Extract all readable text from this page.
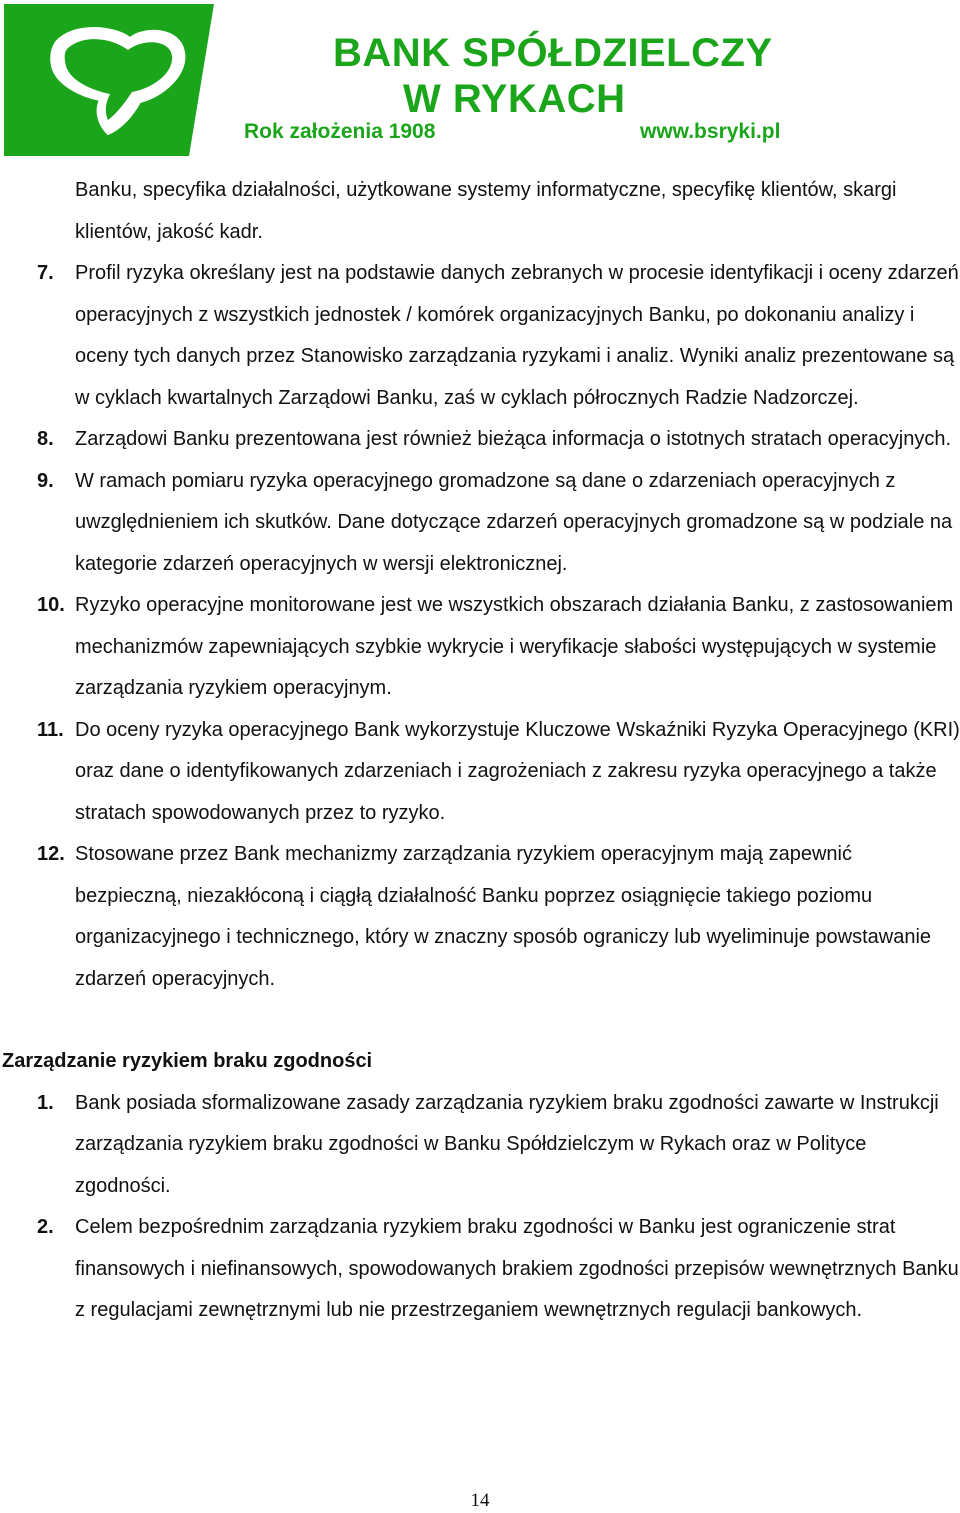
BANK SPÓŁDZIELCZY
W RYKACH
Rok założenia 1908	www.bsryki.pl

Banku, specyfika działalności, użytkowane systemy informatyczne, specyfikę klientów, skargi klientów, jakość kadr.

7. Profil ryzyka określany jest na podstawie danych zebranych w procesie identyfikacji i oceny zdarzeń operacyjnych z wszystkich jednostek / komórek organizacyjnych Banku, po dokonaniu analizy i oceny tych danych przez Stanowisko zarządzania ryzykami i analiz. Wyniki analiz prezentowane są w cyklach kwartalnych Zarządowi Banku, zaś w cyklach półrocznych Radzie Nadzorczej.

8. Zarządowi Banku prezentowana jest również bieżąca informacja o istotnych stratach operacyjnych.

9. W ramach pomiaru ryzyka operacyjnego gromadzone są dane o zdarzeniach operacyjnych z uwzględnieniem ich skutków. Dane dotyczące zdarzeń operacyjnych gromadzone są w podziale na kategorie zdarzeń operacyjnych w wersji elektronicznej.

10. Ryzyko operacyjne monitorowane jest we wszystkich obszarach działania Banku, z zastosowaniem mechanizmów zapewniających szybkie wykrycie i weryfikacje słabości występujących w systemie zarządzania ryzykiem operacyjnym.

11. Do oceny ryzyka operacyjnego Bank wykorzystuje Kluczowe Wskaźniki Ryzyka Operacyjnego (KRI) oraz dane o identyfikowanych zdarzeniach i zagrożeniach z zakresu ryzyka operacyjnego a także stratach spowodowanych przez to ryzyko.

12. Stosowane przez Bank mechanizmy zarządzania ryzykiem operacyjnym mają zapewnić bezpieczną, niezakłóconą i ciągłą działalność Banku poprzez osiągnięcie takiego poziomu organizacyjnego i technicznego, który w znaczny sposób ograniczy lub wyeliminuje powstawanie zdarzeń operacyjnych.

Zarządzanie ryzykiem braku zgodności

1. Bank posiada sformalizowane zasady zarządzania ryzykiem braku zgodności zawarte w Instrukcji zarządzania ryzykiem braku zgodności w Banku Spółdzielczym w Rykach oraz w Polityce zgodności.

2. Celem bezpośrednim zarządzania ryzykiem braku zgodności w Banku jest ograniczenie strat finansowych i niefinansowych, spowodowanych brakiem zgodności przepisów wewnętrznych Banku z regulacjami zewnętrznymi lub nie przestrzeganiem wewnętrznych regulacji bankowych.

14
